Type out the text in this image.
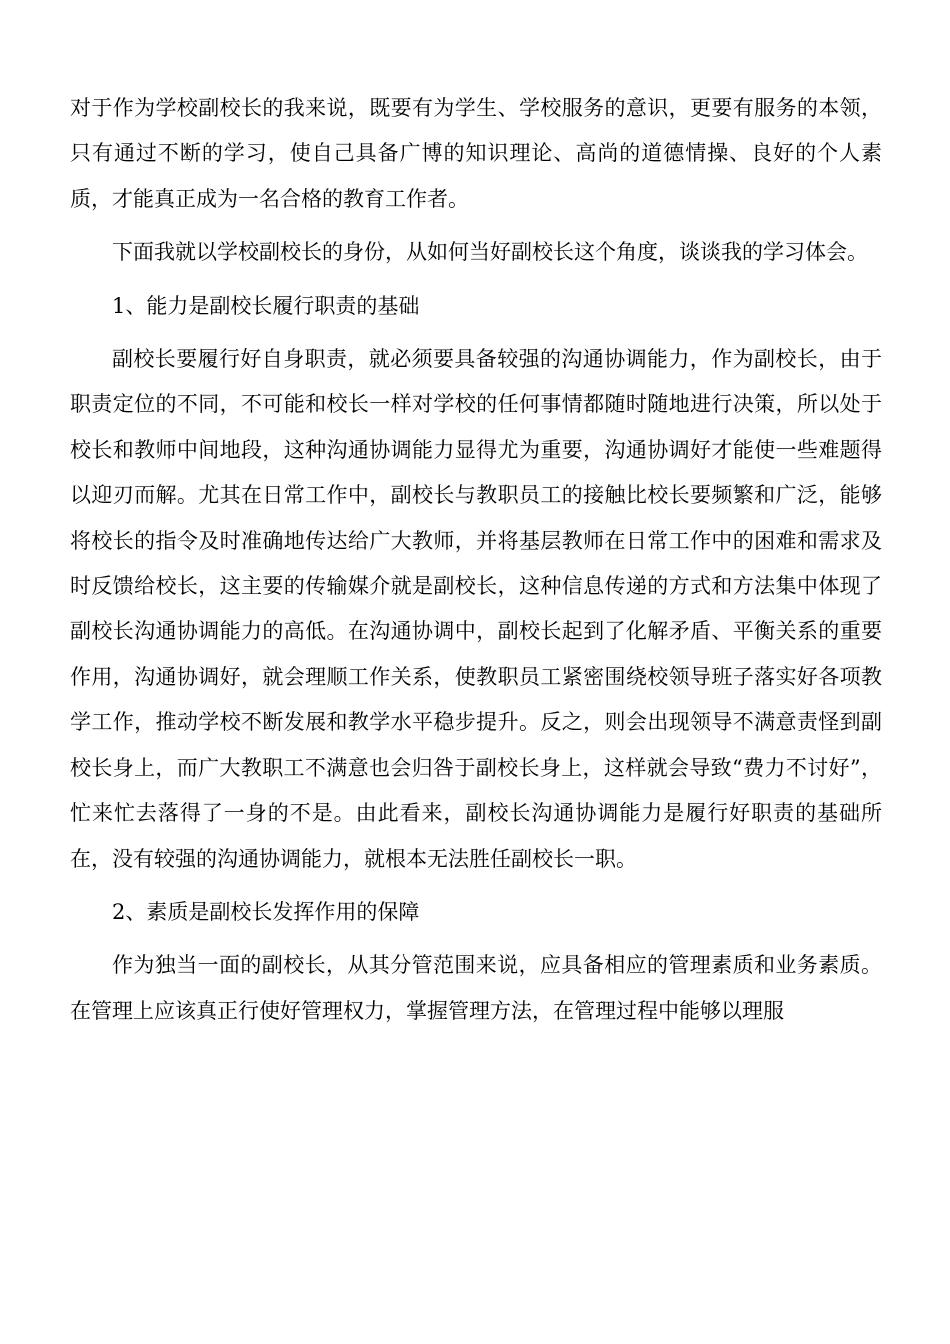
对于作为学校副校长的我来说，既要有为学生、学校服务的意识，更要有服务的本领，只有通过不断的学习，使自己具备广博的知识理论、高尚的道德情操、良好的个人素质，才能真正成为一名合格的教育工作者。

下面我就以学校副校长的身份，从如何当好副校长这个角度，谈谈我的学习体会。

1、能力是副校长履行职责的基础

副校长要履行好自身职责，就必须要具备较强的沟通协调能力，作为副校长，由于职责定位的不同，不可能和校长一样对学校的任何事情都随时随地进行决策，所以处于校长和教师中间地段，这种沟通协调能力显得尤为重要，沟通协调好才能使一些难题得以迎刃而解。尤其在日常工作中，副校长与教职员工的接触比校长要频繁和广泛，能够将校长的指令及时准确地传达给广大教师，并将基层教师在日常工作中的困难和需求及时反馈给校长，这主要的传输媒介就是副校长，这种信息传递的方式和方法集中体现了副校长沟通协调能力的高低。在沟通协调中，副校长起到了化解矛盾、平衡关系的重要作用，沟通协调好，就会理顺工作关系，使教职员工紧密围绕校领导班子落实好各项教学工作，推动学校不断发展和教学水平稳步提升。反之，则会出现领导不满意责怪到副校长身上，而广大教职工不满意也会归咎于副校长身上，这样就会导致“费力不讨好”，忙来忙去落得了一身的不是。由此看来，副校长沟通协调能力是履行好职责的基础所在，没有较强的沟通协调能力，就根本无法胜任副校长一职。

2、素质是副校长发挥作用的保障

作为独当一面的副校长，从其分管范围来说，应具备相应的管理素质和业务素质。在管理上应该真正行使好管理权力，掌握管理方法，在管理过程中能够以理服
